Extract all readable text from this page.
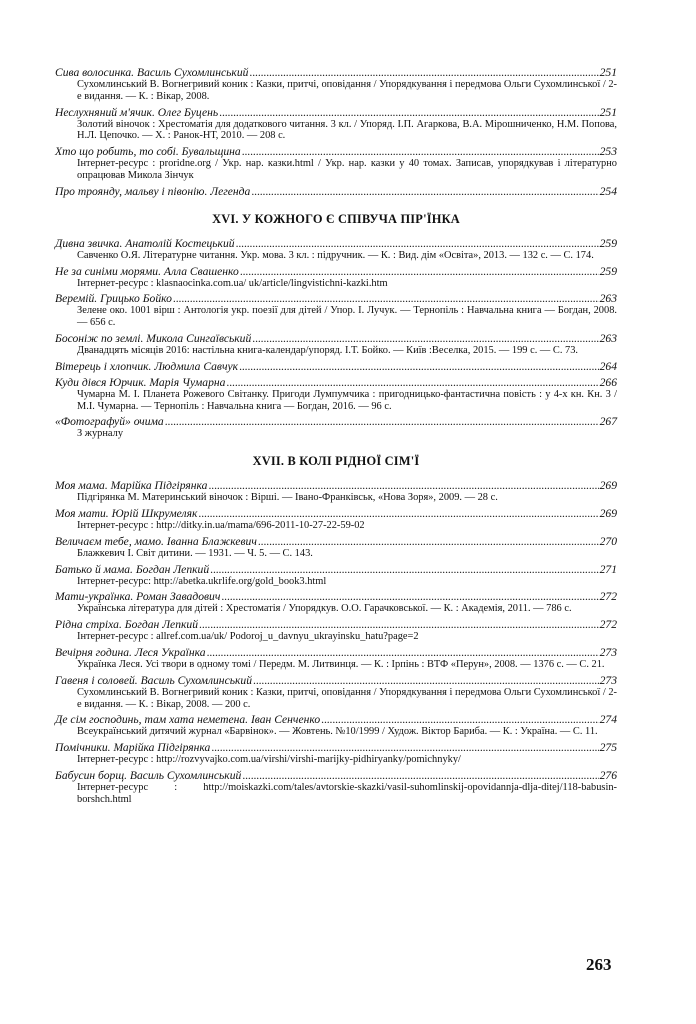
Сива волосинка. Василь Сухомлинський . . .	251
Сухомлинський В. Вогнегривий коник : Казки, притчі, оповідання / Упорядкування і передмова Ольги Сухомлинської / 2-е видання. — К. : Вікар, 2008.
Неслухняний м'ячик. Олег Буцень . . .	251
Золотий віночок : Хрестоматія для додаткового читання. 3 кл. / Упоряд. І.П. Агаркова, В.А. Мірошниченко, Н.М. Попова, Н.Л. Цепочко. — Х. : Ранок-НТ, 2010. — 208 с.
Хто що робить, то собі. Бувальщина . . .	253
Інтернет-ресурс : proridne.org / Укр. нар. казки.html / Укр. нар. казки у 40 томах. Записав, упорядкував і літературно опрацював Микола Зінчук
Про троянду, мальву і півонію. Легенда . . .	254
XVI. У КОЖНОГО Є СПІВУЧА ПІР'ЇНКА
Дивна звичка. Анатолій Костецький . . .	259
Савченко О.Я. Літературне читання. Укр. мова. 3 кл. : підручник. — К. : Вид. дім «Освіта», 2013. — 132 с. — С. 174.
Не за синіми морями. Алла Свашенко . . .	259
Інтернет-ресурс : klasnaocinka.com.ua/ uk/article/lingvistichni-kazki.htm
Веремій. Грицько Бойко . . .	263
Зелене око. 1001 вірш : Антологія укр. поезії для дітей / Упор. І. Лучук. — Тернопіль : Навчальна книга — Богдан, 2008. — 656 с.
Босоніж по землі. Микола Сингаївський . . .	263
Дванадцять місяців 2016: настільна книга-календар/упоряд. І.Т. Бойко. — Київ :Веселка, 2015. — 199 с. — С. 73.
Вітерець і хлопчик. Людмила Савчук . . .	264
Куди дівся Юрчик. Марія Чумарна . . .	266
Чумарна М. І. Планета Рожевого Свiтанку. Пригоди Лумпумчика : пригодницько-фантастична повість : у 4-х кн. Кн. 3 / М.І. Чумарна. — Тернопіль : Навчальна книга — Богдан, 2016. — 96 с.
«Фотографуй» очима . . .	267
З журналу
XVII. В КОЛІ РІДНОЇ СІМ'Ї
Моя мама. Марійка Підгірянка . . .	269
Підгірянка М. Материнський віночок : Вірші. — Івано-Франківськ, «Нова Зоря», 2009. — 28 с.
Моя мати. Юрій Шкрумеляк . . .	269
Інтернет-ресурс : http://ditky.in.ua/mama/696-2011-10-27-22-59-02
Величаєм тебе, мамо. Іванна Блажкевич . . .	270
Блажкевич І. Світ дитини. — 1931. — Ч. 5. — С. 143.
Батько й мама. Богдан Лепкий . . .	271
Інтернет-ресурс: http://abetka.ukrlife.org/gold_book3.html
Мати-українка. Роман Завадович . . .	272
Українська література для дітей : Хрестоматія / Упорядкув. О.О. Гарачковської. — К. : Академія, 2011. — 786 с.
Рідна стріха. Богдан Лепкий . . .	272
Інтернет-ресурс : allref.com.ua/uk/ Podoroj_u_davnyu_ukrayinsku_hatu?page=2
Вечірня година. Леся Українка . . .	273
Українка Леся. Усі твори в одному томі / Передм. М. Литвинця. — К. : Ірпінь : ВТФ «Перун», 2008. — 1376 с. — С. 21.
Гавеня і соловей. Василь Сухомлинський . . .	273
Сухомлинський В. Вогнегривий коник : Казки, притчі, оповідання / Упорядкування і передмова Ольги Сухомлинської / 2-е видання. — К. : Вікар, 2008. — 200 с.
Де сім господинь, там хата неметена. Іван Сенченко . . .	274
Всеукраїнський дитячий журнал «Барвінок». — Жовтень. №10/1999 / Худож. Віктор Бариба. — К. : Україна. — С. 11.
Помічники. Марійка Підгірянка . . .	275
Інтернет-ресурс : http://rozvyvajko.com.ua/virshi/virshi-marijky-pidhiryanky/pomichnyky/
Бабусин борщ. Василь Сухомлинський . . .	276
Інтернет-ресурс : http://moiskazki.com/tales/avtorskie-skazki/vasil-suhomlinskij-opovidannja-dlja-ditej/118-babusin-borshch.html
263
